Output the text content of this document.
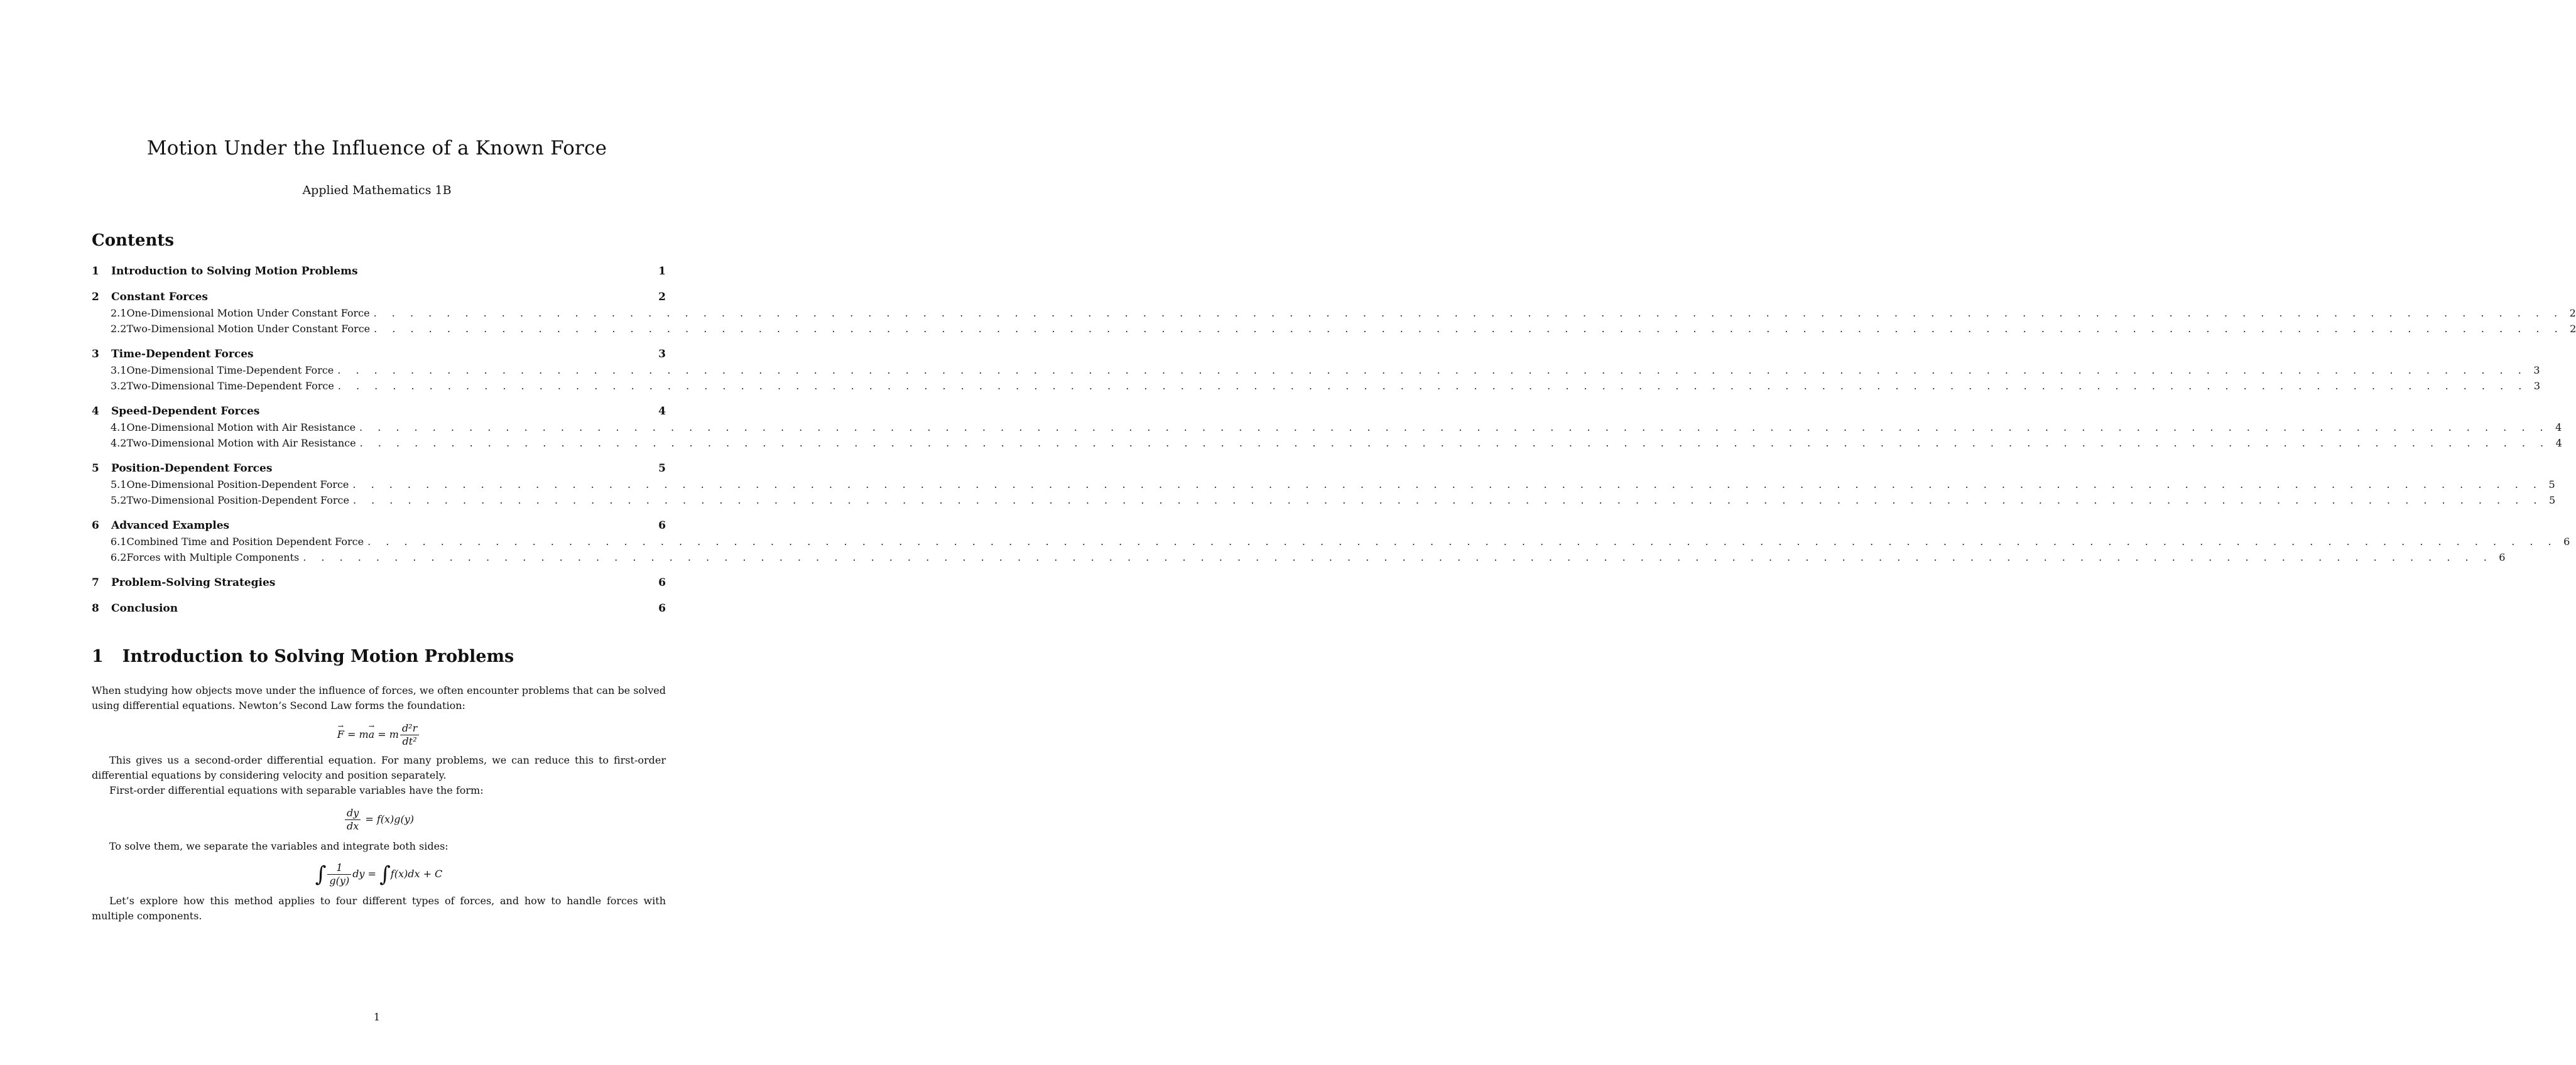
Motion Under the Influence of a Known Force
Applied Mathematics 1B
Contents
1	Introduction to Solving Motion Problems	1
2	Constant Forces	2
2.1 One-Dimensional Motion Under Constant Force . . . . . . . . . . . . . . . . . . . . . . . . . . . . . . . . . . . . . . . . . . . . . . . . . . . . . . . . . . . . . . . . . . . . . . . . . . . . . . . . . . . . . . . . . . . . . . . . . . . . . . . . . . . . . . . . . . . . . . . . 2
2.2 Two-Dimensional Motion Under Constant Force . . . . . . . . . . . . . . . . . . . . . . . . . . . . . . . . . . . . . . . . . . . . . . . . . . . . . . . . . . . . . . . . . . . . . . . . . . . . . . . . . . . . . . . . . . . . . . . . . . . . . . . . . . . . . . . . . . . . . . . . 2
3	Time-Dependent Forces	3
3.1 One-Dimensional Time-Dependent Force . . . . . . . . . . . . . . . . . . . . . . . . . . . . . . . . . . . . . . . . . . . . . . . . . . . . . . . . . . . . . . . . . . . . . . . . . . . . . . . . . . . . . . . . . . . . . . . . . . . . . . . . . . . . . . . . . . . . . . . . 3
3.2 Two-Dimensional Time-Dependent Force . . . . . . . . . . . . . . . . . . . . . . . . . . . . . . . . . . . . . . . . . . . . . . . . . . . . . . . . . . . . . . . . . . . . . . . . . . . . . . . . . . . . . . . . . . . . . . . . . . . . . . . . . . . . . . . . . . . . . . . . 3
4	Speed-Dependent Forces	4
4.1 One-Dimensional Motion with Air Resistance . . . . . . . . . . . . . . . . . . . . . . . . . . . . . . . . . . . . . . . . . . . . . . . . . . . . . . . . . . . . . . . . . . . . . . . . . . . . . . . . . . . . . . . . . . . . . . . . . . . . . . . . . . . . . . . . . . . . . . . . 4
4.2 Two-Dimensional Motion with Air Resistance . . . . . . . . . . . . . . . . . . . . . . . . . . . . . . . . . . . . . . . . . . . . . . . . . . . . . . . . . . . . . . . . . . . . . . . . . . . . . . . . . . . . . . . . . . . . . . . . . . . . . . . . . . . . . . . . . . . . . . . . 4
5	Position-Dependent Forces	5
5.1 One-Dimensional Position-Dependent Force . . . . . . . . . . . . . . . . . . . . . . . . . . . . . . . . . . . . . . . . . . . . . . . . . . . . . . . . . . . . . . . . . . . . . . . . . . . . . . . . . . . . . . . . . . . . . . . . . . . . . . . . . . . . . . . . . . . . . . . . 5
5.2 Two-Dimensional Position-Dependent Force . . . . . . . . . . . . . . . . . . . . . . . . . . . . . . . . . . . . . . . . . . . . . . . . . . . . . . . . . . . . . . . . . . . . . . . . . . . . . . . . . . . . . . . . . . . . . . . . . . . . . . . . . . . . . . . . . . . . . . . . 5
6	Advanced Examples	6
6.1 Combined Time and Position Dependent Force . . . . . . . . . . . . . . . . . . . . . . . . . . . . . . . . . . . . . . . . . . . . . . . . . . . . . . . . . . . . . . . . . . . . . . . . . . . . . . . . . . . . . . . . . . . . . . . . . . . . . . . . . . . . . . . . . . . . . . . . 6
6.2 Forces with Multiple Components . . . . . . . . . . . . . . . . . . . . . . . . . . . . . . . . . . . . . . . . . . . . . . . . . . . . . . . . . . . . . . . . . . . . . . . . . . . . . . . . . . . . . . . . . . . . . . . . . . . . . . . . . . . . . . . . . . . . . . . . 6
7	Problem-Solving Strategies	6
8	Conclusion	6
1 Introduction to Solving Motion Problems

When studying how objects move under the influence of forces, we often encounter problems that can be solved using differential equations. Newton’s Second Law forms the foundation:

F → = ma → = m $\frac{\text{d²r}}{\text{dt²}}$

This gives us a second-order differential equation. For many problems, we can reduce this to first-order differential equations by considering velocity and position separately.

First-order differential equations with separable variables have the form:

$\frac{dy}{dx} = f(x)g(y)$

To solve them, we separate the variables and integrate both sides:

∫ $\frac{1}{g(y)}$ dy = ∫f(x)dx + C

Let’s explore how this method applies to four different types of forces, and how to handle forces with multiple components.

1
